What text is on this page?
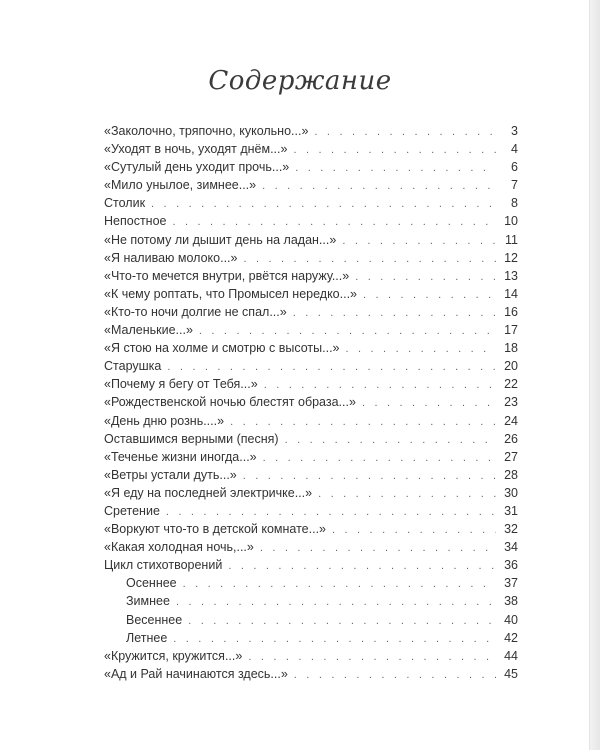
Содержание
«Заколочно, тряпочно, кукольно...» . . .	3
«Уходят в ночь, уходят днём...» . . .	4
«Сутулый день уходит прочь...» . . .	6
«Мило унылое, зимнее...» . . .	7
Столик . . .	8
Непостное . . .	10
«Не потому ли дышит день на ладан...» . . .	11
«Я наливаю молоко...» . . .	12
«Что-то мечется внутри, рвётся наружу...» . . .	13
«К чему роптать, что Промысел нередко...» . . .	14
«Кто-то ночи долгие не спал...» . . .	16
«Маленькие...» . . .	17
«Я стою на холме и смотрю с высоты...» . . .	18
Старушка . . .	20
«Почему я бегу от Тебя...» . . .	22
«Рождественской ночью блестят образа...» . . .	23
«День дню рознь....» . . .	24
Оставшимся верными (песня) . . .	26
«Теченье жизни иногда...» . . .	27
«Ветры устали дуть...» . . .	28
«Я еду на последней электричке...» . . .	30
Сретение . . .	31
«Воркуют что-то в детской комнате...» . . .	32
«Какая холодная ночь,...» . . .	34
Цикл стихотворений . . .	36
Осеннее . . .	37
Зимнее . . .	38
Весеннее . . .	40
Летнее . . .	42
«Кружится, кружится...» . . .	44
«Ад и Рай начинаются здесь...» . . .	45
